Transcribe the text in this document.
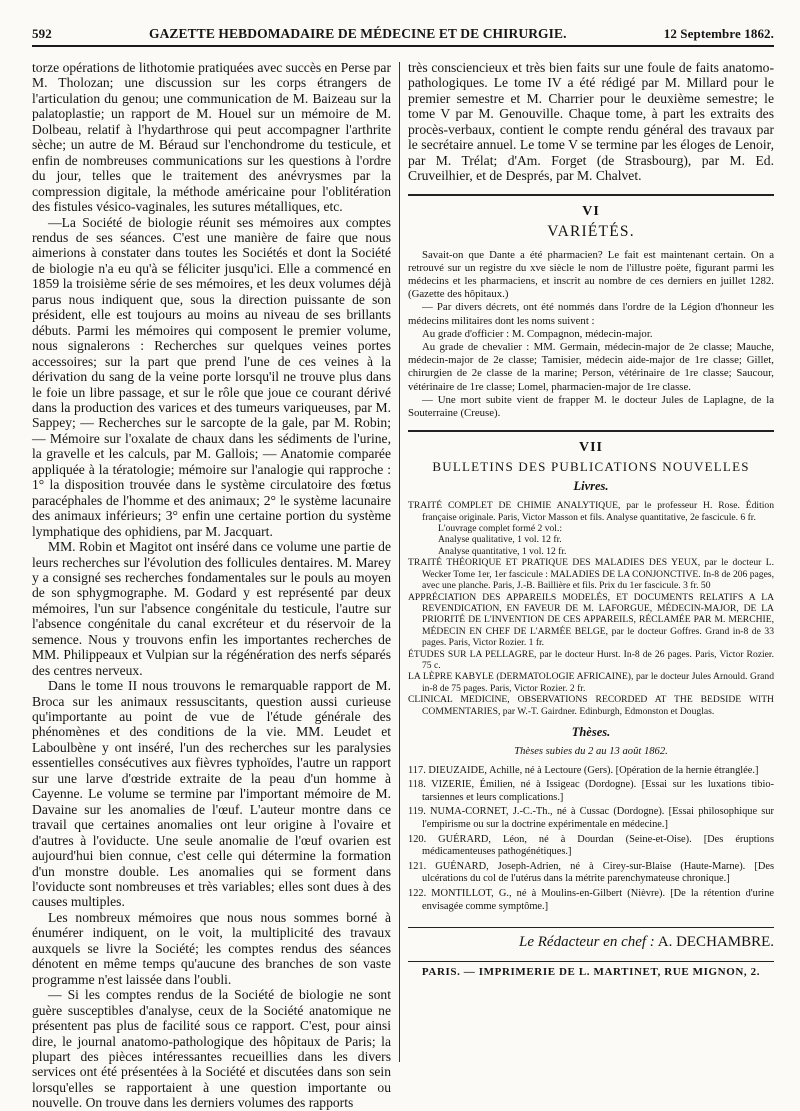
592	GAZETTE HEBDOMADAIRE DE MÉDECINE ET DE CHIRURGIE.	12 Septembre 1862.

torze opérations de lithotomie pratiquées avec succès en Perse par M. Tholozan; une discussion sur les corps étrangers de l'articulation du genou; une communication de M. Baizeau sur la palatoplastie; un rapport de M. Houel sur un mémoire de M. Dolbeau, relatif à l'hydarthrose qui peut accompagner l'arthrite sèche; un autre de M. Béraud sur l'enchondrome du testicule, et enfin de nombreuses communications sur les questions à l'ordre du jour, telles que le traitement des anévrysmes par la compression digitale, la méthode américaine pour l'oblitération des fistules vésico-vaginales, les sutures métalliques, etc.

—La Société de biologie réunit ses mémoires aux comptes rendus de ses séances. C'est une manière de faire que nous aimerions à constater dans toutes les Sociétés et dont la Société de biologie n'a eu qu'à se féliciter jusqu'ici. Elle a commencé en 1859 la troisième série de ses mémoires, et les deux volumes déjà parus nous indiquent que, sous la direction puissante de son président, elle est toujours au moins au niveau de ses brillants débuts. Parmi les mémoires qui composent le premier volume, nous signalerons : Recherches sur quelques veines portes accessoires; sur la part que prend l'une de ces veines à la dérivation du sang de la veine porte lorsqu'il ne trouve plus dans le foie un libre passage, et sur le rôle que joue ce courant dérivé dans la production des varices et des tumeurs variqueuses, par M. Sappey; — Recherches sur le sarcopte de la gale, par M. Robin; — Mémoire sur l'oxalate de chaux dans les sédiments de l'urine, la gravelle et les calculs, par M. Gallois; — Anatomie comparée appliquée à la tératologie; mémoire sur l'analogie qui rapproche : 1° la disposition trouvée dans le système circulatoire des fœtus paracéphales de l'homme et des animaux; 2° le système lacunaire des animaux inférieurs; 3° enfin une certaine portion du système lymphatique des ophidiens, par M. Jacquart.

MM. Robin et Magitot ont inséré dans ce volume une partie de leurs recherches sur l'évolution des follicules dentaires. M. Marey y a consigné ses recherches fondamentales sur le pouls au moyen de son sphygmographe. M. Godard y est représenté par deux mémoires, l'un sur l'absence congénitale du testicule, l'autre sur l'absence congénitale du canal excréteur et du réservoir de la semence. Nous y trouvons enfin les importantes recherches de MM. Philippeaux et Vulpian sur la régénération des nerfs séparés des centres nerveux.

Dans le tome II nous trouvons le remarquable rapport de M. Broca sur les animaux ressuscitants, question aussi curieuse qu'importante au point de vue de l'étude générale des phénomènes et des conditions de la vie. MM. Leudet et Laboulbène y ont inséré, l'un des recherches sur les paralysies essentielles consécutives aux fièvres typhoïdes, l'autre un rapport sur une larve d'œstride extraite de la peau d'un homme à Cayenne. Le volume se termine par l'important mémoire de M. Davaine sur les anomalies de l'œuf. L'auteur montre dans ce travail que certaines anomalies ont leur origine à l'ovaire et d'autres à l'oviducte. Une seule anomalie de l'œuf ovarien est aujourd'hui bien connue, c'est celle qui détermine la formation d'un monstre double. Les anomalies qui se forment dans l'oviducte sont nombreuses et très variables; elles sont dues à des causes multiples.

Les nombreux mémoires que nous nous sommes borné à énumérer indiquent, on le voit, la multiplicité des travaux auxquels se livre la Société; les comptes rendus des séances dénotent en même temps qu'aucune des branches de son vaste programme n'est laissée dans l'oubli.

— Si les comptes rendus de la Société de biologie ne sont guère susceptibles d'analyse, ceux de la Société anatomique ne présentent pas plus de facilité sous ce rapport. C'est, pour ainsi dire, le journal anatomo-pathologique des hôpitaux de Paris; la plupart des pièces intéressantes recueillies dans les divers services ont été présentées à la Société et discutées dans son sein lorsqu'elles se rapportaient à une question importante ou nouvelle. On trouve dans les derniers volumes des rapports

très consciencieux et très bien faits sur une foule de faits anatomo-pathologiques. Le tome IV a été rédigé par M. Millard pour le premier semestre et M. Charrier pour le deuxième semestre; le tome V par M. Genouville. Chaque tome, à part les extraits des procès-verbaux, contient le compte rendu général des travaux par le secrétaire annuel. Le tome V se termine par les éloges de Lenoir, par M. Trélat; d'Am. Forget (de Strasbourg), par M. Ed. Cruveilhier, et de Després, par M. Chalvet.

VI
VARIÉTÉS.

Savait-on que Dante a été pharmacien? Le fait est maintenant certain. On a retrouvé sur un registre du xve siècle le nom de l'illustre poëte, figurant parmi les médecins et les pharmaciens, et inscrit au nombre de ces derniers en juillet 1282. (Gazette des hôpitaux.)

— Par divers décrets, ont été nommés dans l'ordre de la Légion d'honneur les médecins militaires dont les noms suivent :

Au grade d'officier : M. Compagnon, médecin-major.

Au grade de chevalier : MM. Germain, médecin-major de 2e classe; Mauche, médecin-major de 2e classe; Tamisier, médecin aide-major de 1re classe; Gillet, chirurgien de 2e classe de la marine; Person, vétérinaire de 1re classe; Saucour, vétérinaire de 1re classe; Lomel, pharmacien-major de 1re classe.

— Une mort subite vient de frapper M. le docteur Jules de Laplagne, de la Souterraine (Creuse).

VII
BULLETINS DES PUBLICATIONS NOUVELLES
Livres.

TRAITÉ COMPLET DE CHIMIE ANALYTIQUE, par le professeur H. Rose. Édition française originale. Paris, Victor Masson et fils. Analyse quantitative, 2e fascicule. 6 fr.

L'ouvrage complet formé 2 vol.:

Analyse qualitative, 1 vol. 12 fr.

Analyse quantitative, 1 vol. 12 fr.

TRAITÉ THÉORIQUE ET PRATIQUE DES MALADIES DES YEUX, par le docteur L. Wecker Tome 1er, 1er fascicule : MALADIES DE LA CONJONCTIVE. In-8 de 206 pages, avec une planche. Paris, J.-B. Baillière et fils. Prix du 1er fascicule. 3 fr. 50

APPRÉCIATION DES APPAREILS MODELÉS, ET DOCUMENTS RELATIFS A LA REVENDICATION, EN FAVEUR DE M. LAFORGUE, MÉDECIN-MAJOR, DE LA PRIORITÉ DE L'INVENTION DE CES APPAREILS, RÉCLAMÉE PAR M. MERCHIE, MÉDECIN EN CHEF DE L'ARMÉE BELGE, par le docteur Goffres. Grand in-8 de 33 pages. Paris, Victor Rozier. 1 fr.

ÉTUDES SUR LA PELLAGRE, par le docteur Hurst. In-8 de 26 pages. Paris, Victor Rozier. 75 c.

LA LÈPRE KABYLE (DERMATOLOGIE AFRICAINE), par le docteur Jules Arnould. Grand in-8 de 75 pages. Paris, Victor Rozier. 2 fr.

CLINICAL MEDICINE, OBSERVATIONS RECORDED AT THE BEDSIDE WITH COMMENTARIES, par W.-T. Gairdner. Edinburgh, Edmonston et Douglas.

Thèses.

Thèses subies du 2 au 13 août 1862.

117. DIEUZAIDE, Achille, né à Lectoure (Gers). [Opération de la hernie étranglée.]

118. VIZERIE, Émilien, né à Issigeac (Dordogne). [Essai sur les luxations tibio-tarsiennes et leurs complications.]

119. NUMA-CORNET, J.-C.-Th., né à Cussac (Dordogne). [Essai philosophique sur l'empirisme ou sur la doctrine expérimentale en médecine.]

120. GUÉRARD, Léon, né à Dourdan (Seine-et-Oise). [Des éruptions médicamenteuses pathogénétiques.]

121. GUÉNARD, Joseph-Adrien, né à Cirey-sur-Blaise (Haute-Marne). [Des ulcérations du col de l'utérus dans la métrite parenchymateuse chronique.]

122. MONTILLOT, G., né à Moulins-en-Gilbert (Nièvre). [De la rétention d'urine envisagée comme symptôme.]

Le Rédacteur en chef : A. DECHAMBRE.
PARIS. — IMPRIMERIE DE L. MARTINET, RUE MIGNON, 2.
